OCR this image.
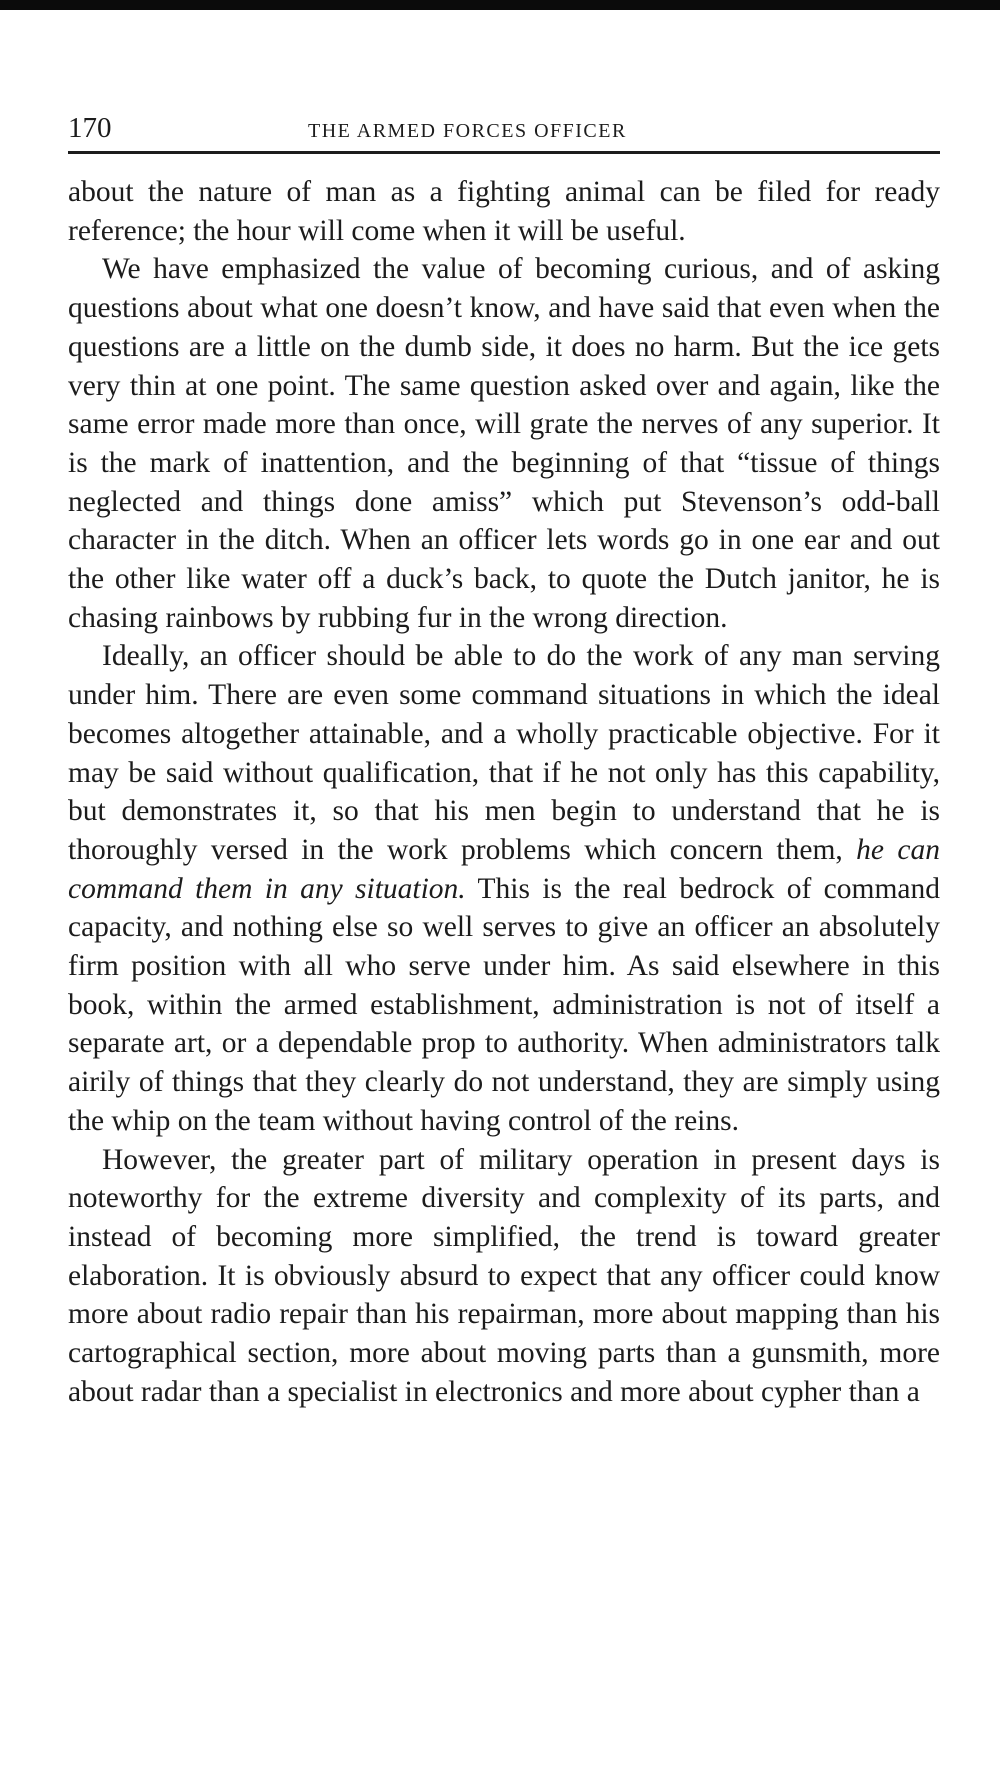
170	THE ARMED FORCES OFFICER

about the nature of man as a fighting animal can be filed for ready reference; the hour will come when it will be useful.

We have emphasized the value of becoming curious, and of asking questions about what one doesn’t know, and have said that even when the questions are a little on the dumb side, it does no harm. But the ice gets very thin at one point. The same question asked over and again, like the same error made more than once, will grate the nerves of any superior. It is the mark of inattention, and the beginning of that “tissue of things neglected and things done amiss” which put Stevenson’s odd-ball character in the ditch. When an officer lets words go in one ear and out the other like water off a duck’s back, to quote the Dutch janitor, he is chasing rainbows by rubbing fur in the wrong direction.

Ideally, an officer should be able to do the work of any man serving under him. There are even some command situations in which the ideal becomes altogether attainable, and a wholly practicable objective. For it may be said without qualification, that if he not only has this capability, but demonstrates it, so that his men begin to understand that he is thoroughly versed in the work problems which concern them, he can command them in any situation. This is the real bedrock of command capacity, and nothing else so well serves to give an officer an absolutely firm position with all who serve under him. As said elsewhere in this book, within the armed establishment, administration is not of itself a separate art, or a dependable prop to authority. When administrators talk airily of things that they clearly do not understand, they are simply using the whip on the team without having control of the reins.

However, the greater part of military operation in present days is noteworthy for the extreme diversity and complexity of its parts, and instead of becoming more simplified, the trend is toward greater elaboration. It is obviously absurd to expect that any officer could know more about radio repair than his repairman, more about mapping than his cartographical section, more about moving parts than a gunsmith, more about radar than a specialist in electronics and more about cypher than a
